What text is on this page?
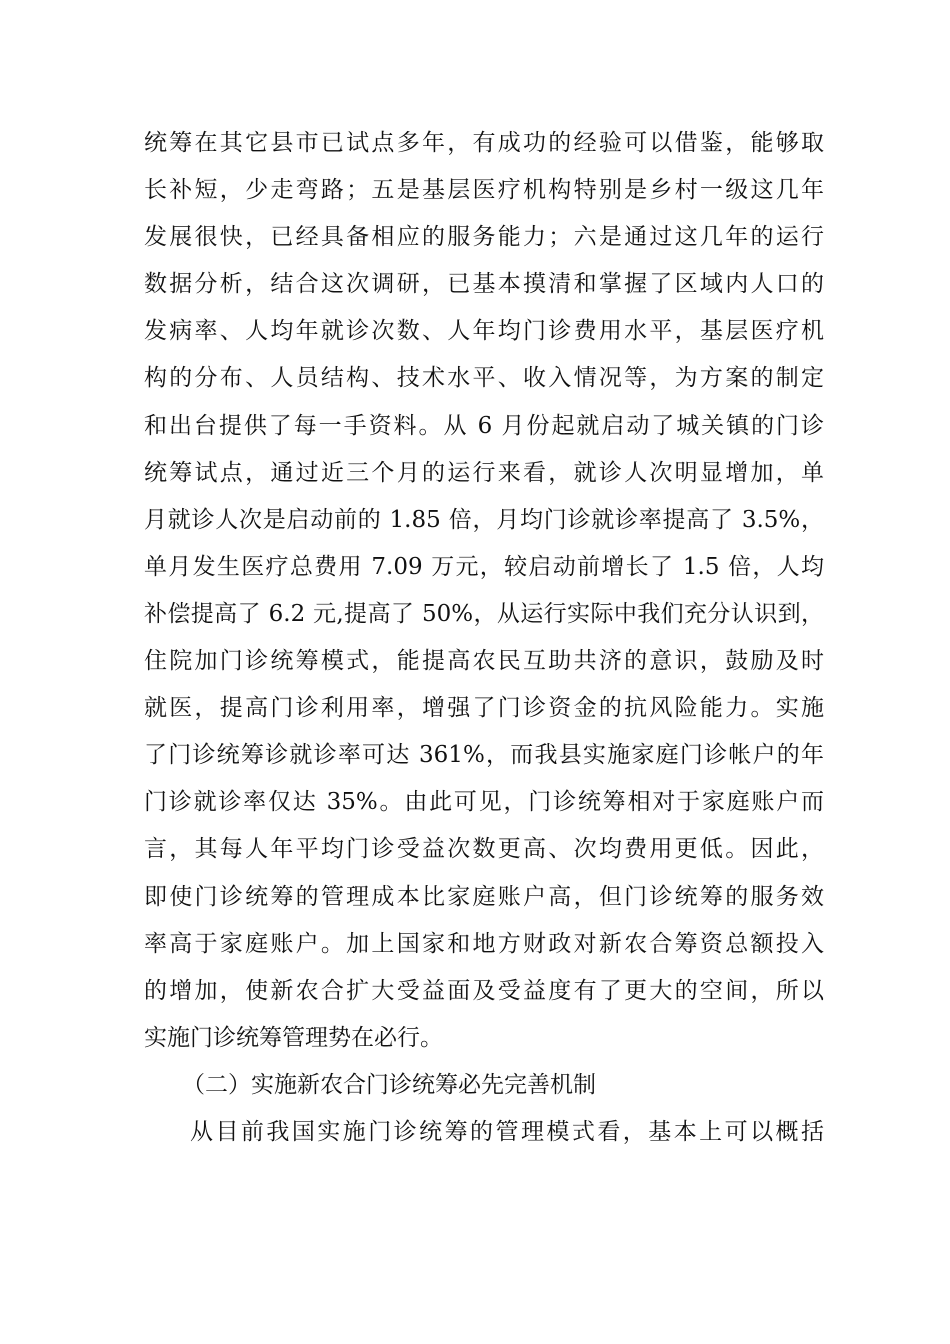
统筹在其它县市已试点多年，有成功的经验可以借鉴，能够取
长补短，少走弯路；五是基层医疗机构特别是乡村一级这几年
发展很快，已经具备相应的服务能力；六是通过这几年的运行
数据分析，结合这次调研，已基本摸清和掌握了区域内人口的
发病率、人均年就诊次数、人年均门诊费用水平，基层医疗机
构的分布、人员结构、技术水平、收入情况等，为方案的制定
和出台提供了每一手资料。从 6 月份起就启动了城关镇的门诊
统筹试点，通过近三个月的运行来看，就诊人次明显增加，单
月就诊人次是启动前的 1.85 倍，月均门诊就诊率提高了 3.5%，
单月发生医疗总费用 7.09 万元，较启动前增长了 1.5 倍，人均
补偿提高了 6.2 元,提高了 50%，从运行实际中我们充分认识到，
住院加门诊统筹模式，能提高农民互助共济的意识，鼓励及时
就医，提高门诊利用率，增强了门诊资金的抗风险能力。实施
了门诊统筹诊就诊率可达 361%，而我县实施家庭门诊帐户的年
门诊就诊率仅达 35%。由此可见，门诊统筹相对于家庭账户而
言，其每人年平均门诊受益次数更高、次均费用更低。因此，
即使门诊统筹的管理成本比家庭账户高，但门诊统筹的服务效
率高于家庭账户。加上国家和地方财政对新农合筹资总额投入
的增加，使新农合扩大受益面及受益度有了更大的空间，所以
实施门诊统筹管理势在必行。
（二）实施新农合门诊统筹必先完善机制
从目前我国实施门诊统筹的管理模式看，基本上可以概括
